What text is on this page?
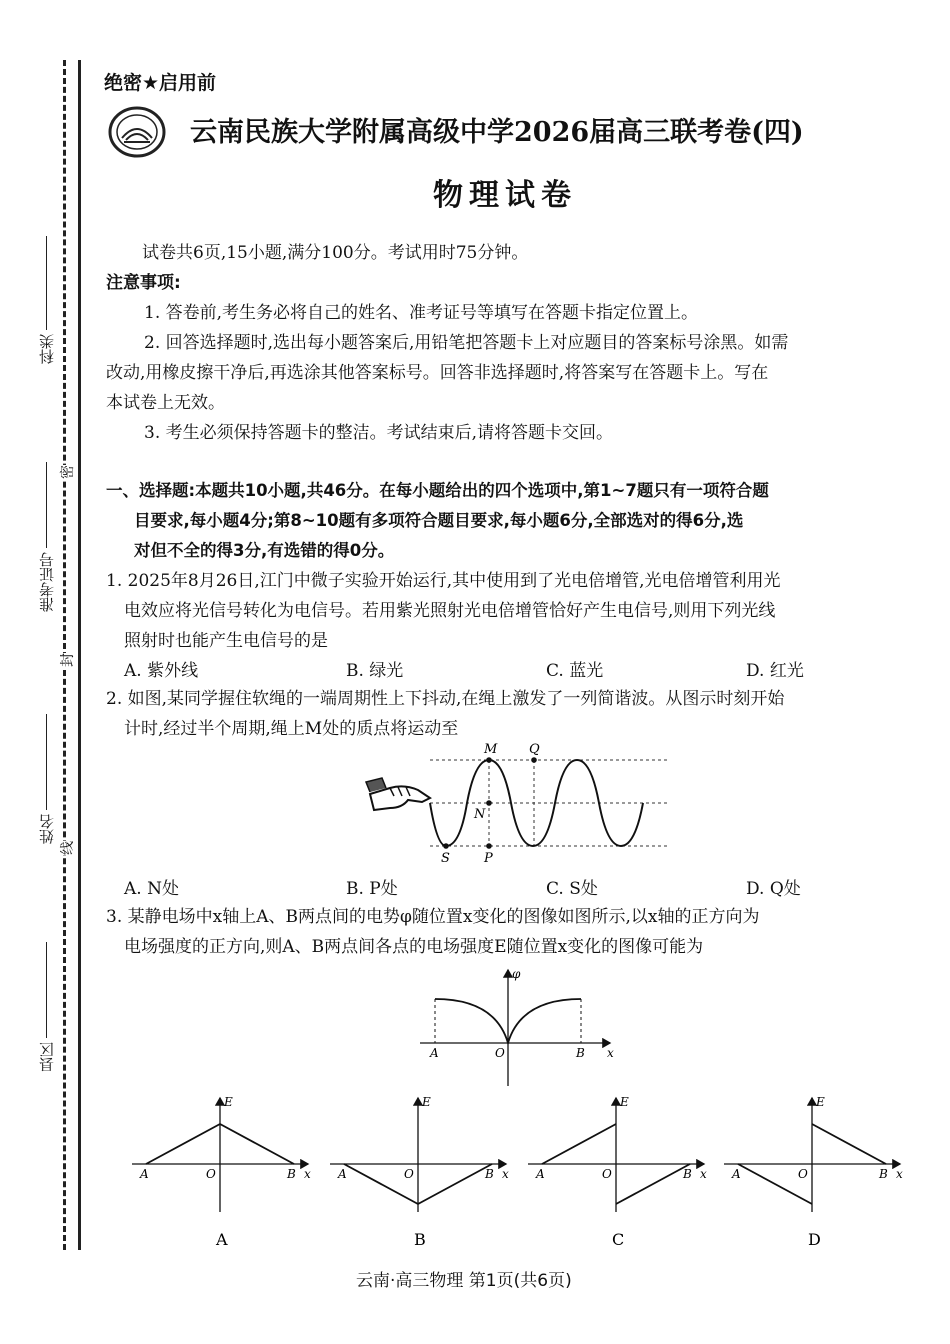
科类
准考证号
姓名
县区
密
封
线
绝密★启用前
云南民族大学附属高级中学2026届高三联考卷(四)
物理试卷
试卷共6页,15小题,满分100分。考试用时75分钟。
注意事项:
1. 答卷前,考生务必将自己的姓名、准考证号等填写在答题卡指定位置上。
2. 回答选择题时,选出每小题答案后,用铅笔把答题卡上对应题目的答案标号涂黑。如需
改动,用橡皮擦干净后,再选涂其他答案标号。回答非选择题时,将答案写在答题卡上。写在
本试卷上无效。
3. 考生必须保持答题卡的整洁。考试结束后,请将答题卡交回。
一、选择题:本题共10小题,共46分。在每小题给出的四个选项中,第1~7题只有一项符合题
目要求,每小题4分;第8~10题有多项符合题目要求,每小题6分,全部选对的得6分,选
对但不全的得3分,有选错的得0分。
1. 2025年8月26日,江门中微子实验开始运行,其中使用到了光电倍增管,光电倍增管利用光
电效应将光信号转化为电信号。若用紫光照射光电倍增管恰好产生电信号,则用下列光线
照射时也能产生电信号的是
A. 紫外线	B. 绿光	C. 蓝光	D. 红光
2. 如图,某同学握住软绳的一端周期性上下抖动,在绳上激发了一列简谐波。从图示时刻开始
计时,经过半个周期,绳上M处的质点将运动至
M Q
N
S	P
A. N处	B. P处	C. S处	D. Q处
3. 某静电场中x轴上A、B两点间的电势φ随位置x变化的图像如图所示,以x轴的正方向为
电场强度的正方向,则A、B两点间各点的电场强度E随位置x变化的图像可能为
φ
x
A	O	B
E
x
A	O	B
A
E
x
A	O	B
B
E
x
A	O	B
C
E
x
A	O	B
D
云南·高三物理 第1页(共6页)
